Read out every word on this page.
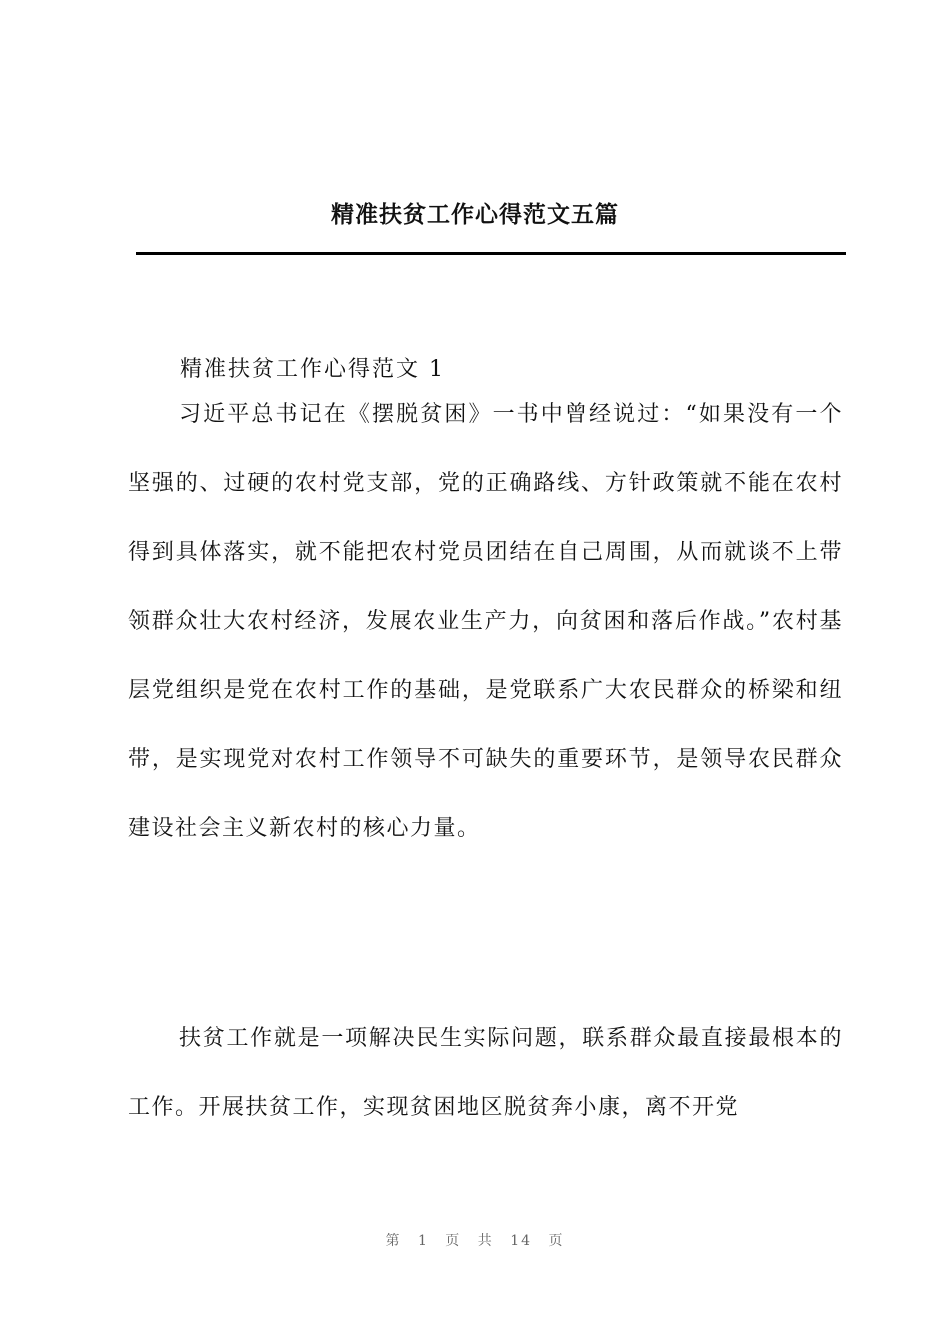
精准扶贫工作心得范文五篇
精准扶贫工作心得范文 1

习近平总书记在《摆脱贫困》一书中曾经说过：“如果没有一个坚强的、过硬的农村党支部，党的正确路线、方针政策就不能在农村得到具体落实，就不能把农村党员团结在自己周围，从而就谈不上带领群众壮大农村经济，发展农业生产力，向贫困和落后作战。”农村基层党组织是党在农村工作的基础，是党联系广大农民群众的桥梁和纽带，是实现党对农村工作领导不可缺失的重要环节，是领导农民群众建设社会主义新农村的核心力量。

扶贫工作就是一项解决民生实际问题，联系群众最直接最根本的工作。开展扶贫工作，实现贫困地区脱贫奔小康，离不开党

第 1 页 共 14 页
